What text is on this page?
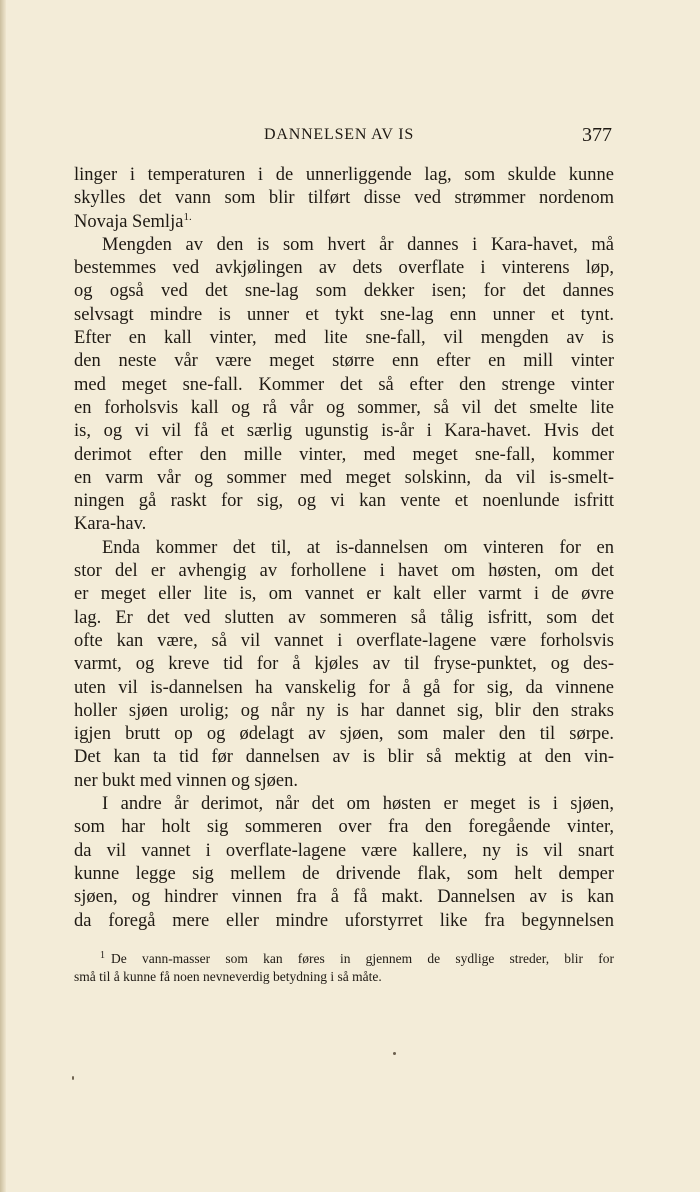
DANNELSEN AV IS	377
linger i temperaturen i de unnerliggende lag, som skulde kunne
skylles det vann som blir tilført disse ved strømmer nordenom
Novaja Semlja$^{1.}$
Mengden av den is som hvert år dannes i Kara-havet, må
bestemmes ved avkjølingen av dets overflate i vinterens løp,
og også ved det sne-lag som dekker isen; for det dannes
selvsagt mindre is unner et tykt sne-lag enn unner et tynt.
Efter en kall vinter, med lite sne-fall, vil mengden av is
den neste vår være meget større enn efter en mill vinter
med meget sne-fall. Kommer det så efter den strenge vinter
en forholsvis kall og rå vår og sommer, så vil det smelte lite
is, og vi vil få et særlig ugunstig is-år i Kara-havet. Hvis det
derimot efter den mille vinter, med meget sne-fall, kommer
en varm vår og sommer med meget solskinn, da vil is-smelt-
ningen gå raskt for sig, og vi kan vente et noenlunde isfritt
Kara-hav.
Enda kommer det til, at is-dannelsen om vinteren for en
stor del er avhengig av forhollene i havet om høsten, om det
er meget eller lite is, om vannet er kalt eller varmt i de øvre
lag. Er det ved slutten av sommeren så tålig isfritt, som det
ofte kan være, så vil vannet i overflate-lagene være forholsvis
varmt, og kreve tid for å kjøles av til fryse-punktet, og des-
uten vil is-dannelsen ha vanskelig for å gå for sig, da vinnene
holler sjøen urolig; og når ny is har dannet sig, blir den straks
igjen brutt op og ødelagt av sjøen, som maler den til sørpe.
Det kan ta tid før dannelsen av is blir så mektig at den vin-
ner bukt med vinnen og sjøen.
I andre år derimot, når det om høsten er meget is i sjøen,
som har holt sig sommeren over fra den foregående vinter,
da vil vannet i overflate-lagene være kallere, ny is vil snart
kunne legge sig mellem de drivende flak, som helt demper
sjøen, og hindrer vinnen fra å få makt. Dannelsen av is kan
da foregå mere eller mindre uforstyrret like fra begynnelsen
$^1$ De vann-masser som kan føres in gjennem de sydlige streder, blir for
små til å kunne få noen nevneverdig betydning i så måte.
